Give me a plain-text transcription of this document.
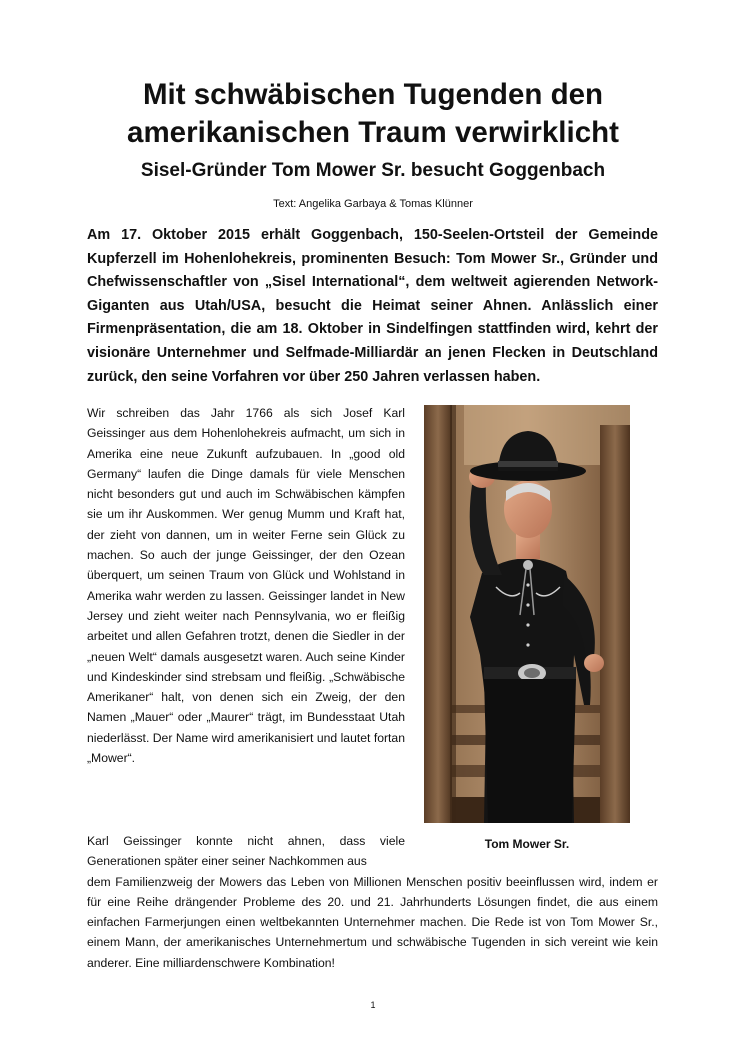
Mit schwäbischen Tugenden den amerikanischen Traum verwirklicht
Sisel-Gründer Tom Mower Sr. besucht Goggenbach
Text: Angelika Garbaya & Tomas Klünner

Am 17. Oktober 2015 erhält Goggenbach, 150-Seelen-Ortsteil der Gemeinde Kupferzell im Hohenlohekreis, prominenten Besuch: Tom Mower Sr., Gründer und Chefwissenschaftler von „Sisel International“, dem weltweit agierenden Network-Giganten aus Utah/USA, besucht die Heimat seiner Ahnen. Anlässlich einer Firmenpräsentation, die am 18. Oktober in Sindelfingen stattfinden wird, kehrt der visionäre Unternehmer und Selfmade-Milliardär an jenen Flecken in Deutschland zurück, den seine Vorfahren vor über 250 Jahren verlassen haben.

Wir schreiben das Jahr 1766 als sich Josef Karl Geissinger aus dem Hohenlohekreis aufmacht, um sich in Amerika eine neue Zukunft aufzubauen. In „good old Germany“ laufen die Dinge damals für viele Menschen nicht besonders gut und auch im Schwäbischen kämpfen sie um ihr Auskommen. Wer genug Mumm und Kraft hat, der zieht von dannen, um in weiter Ferne sein Glück zu machen. So auch der junge Geissinger, der den Ozean überquert, um seinen Traum von Glück und Wohlstand in Amerika wahr werden zu lassen. Geissinger landet in New Jersey und zieht weiter nach Pennsylvania, wo er fleißig arbeitet und allen Gefahren trotzt, denen die Siedler in der „neuen Welt“ damals ausgesetzt waren. Auch seine Kinder und Kindeskinder sind strebsam und fleißig. „Schwäbische Amerikaner“ halt, von denen sich ein Zweig, der den Namen „Mauer“ oder „Maurer“ trägt, im Bundesstaat Utah niederlässt. Der Name wird amerikanisiert und lautet fortan „Mower“.

Tom Mower Sr.
Karl Geissinger konnte nicht ahnen, dass viele Generationen später einer seiner Nachkommen aus
dem Familienzweig der Mowers das Leben von Millionen Menschen positiv beeinflussen wird, indem er für eine Reihe drängender Probleme des 20. und 21. Jahrhunderts Lösungen findet, die aus einem einfachen Farmerjungen einen weltbekannten Unternehmer machen. Die Rede ist von Tom Mower Sr., einem Mann, der amerikanisches Unternehmertum und schwäbische Tugenden in sich vereint wie kein anderer. Eine milliardenschwere Kombination!
1
